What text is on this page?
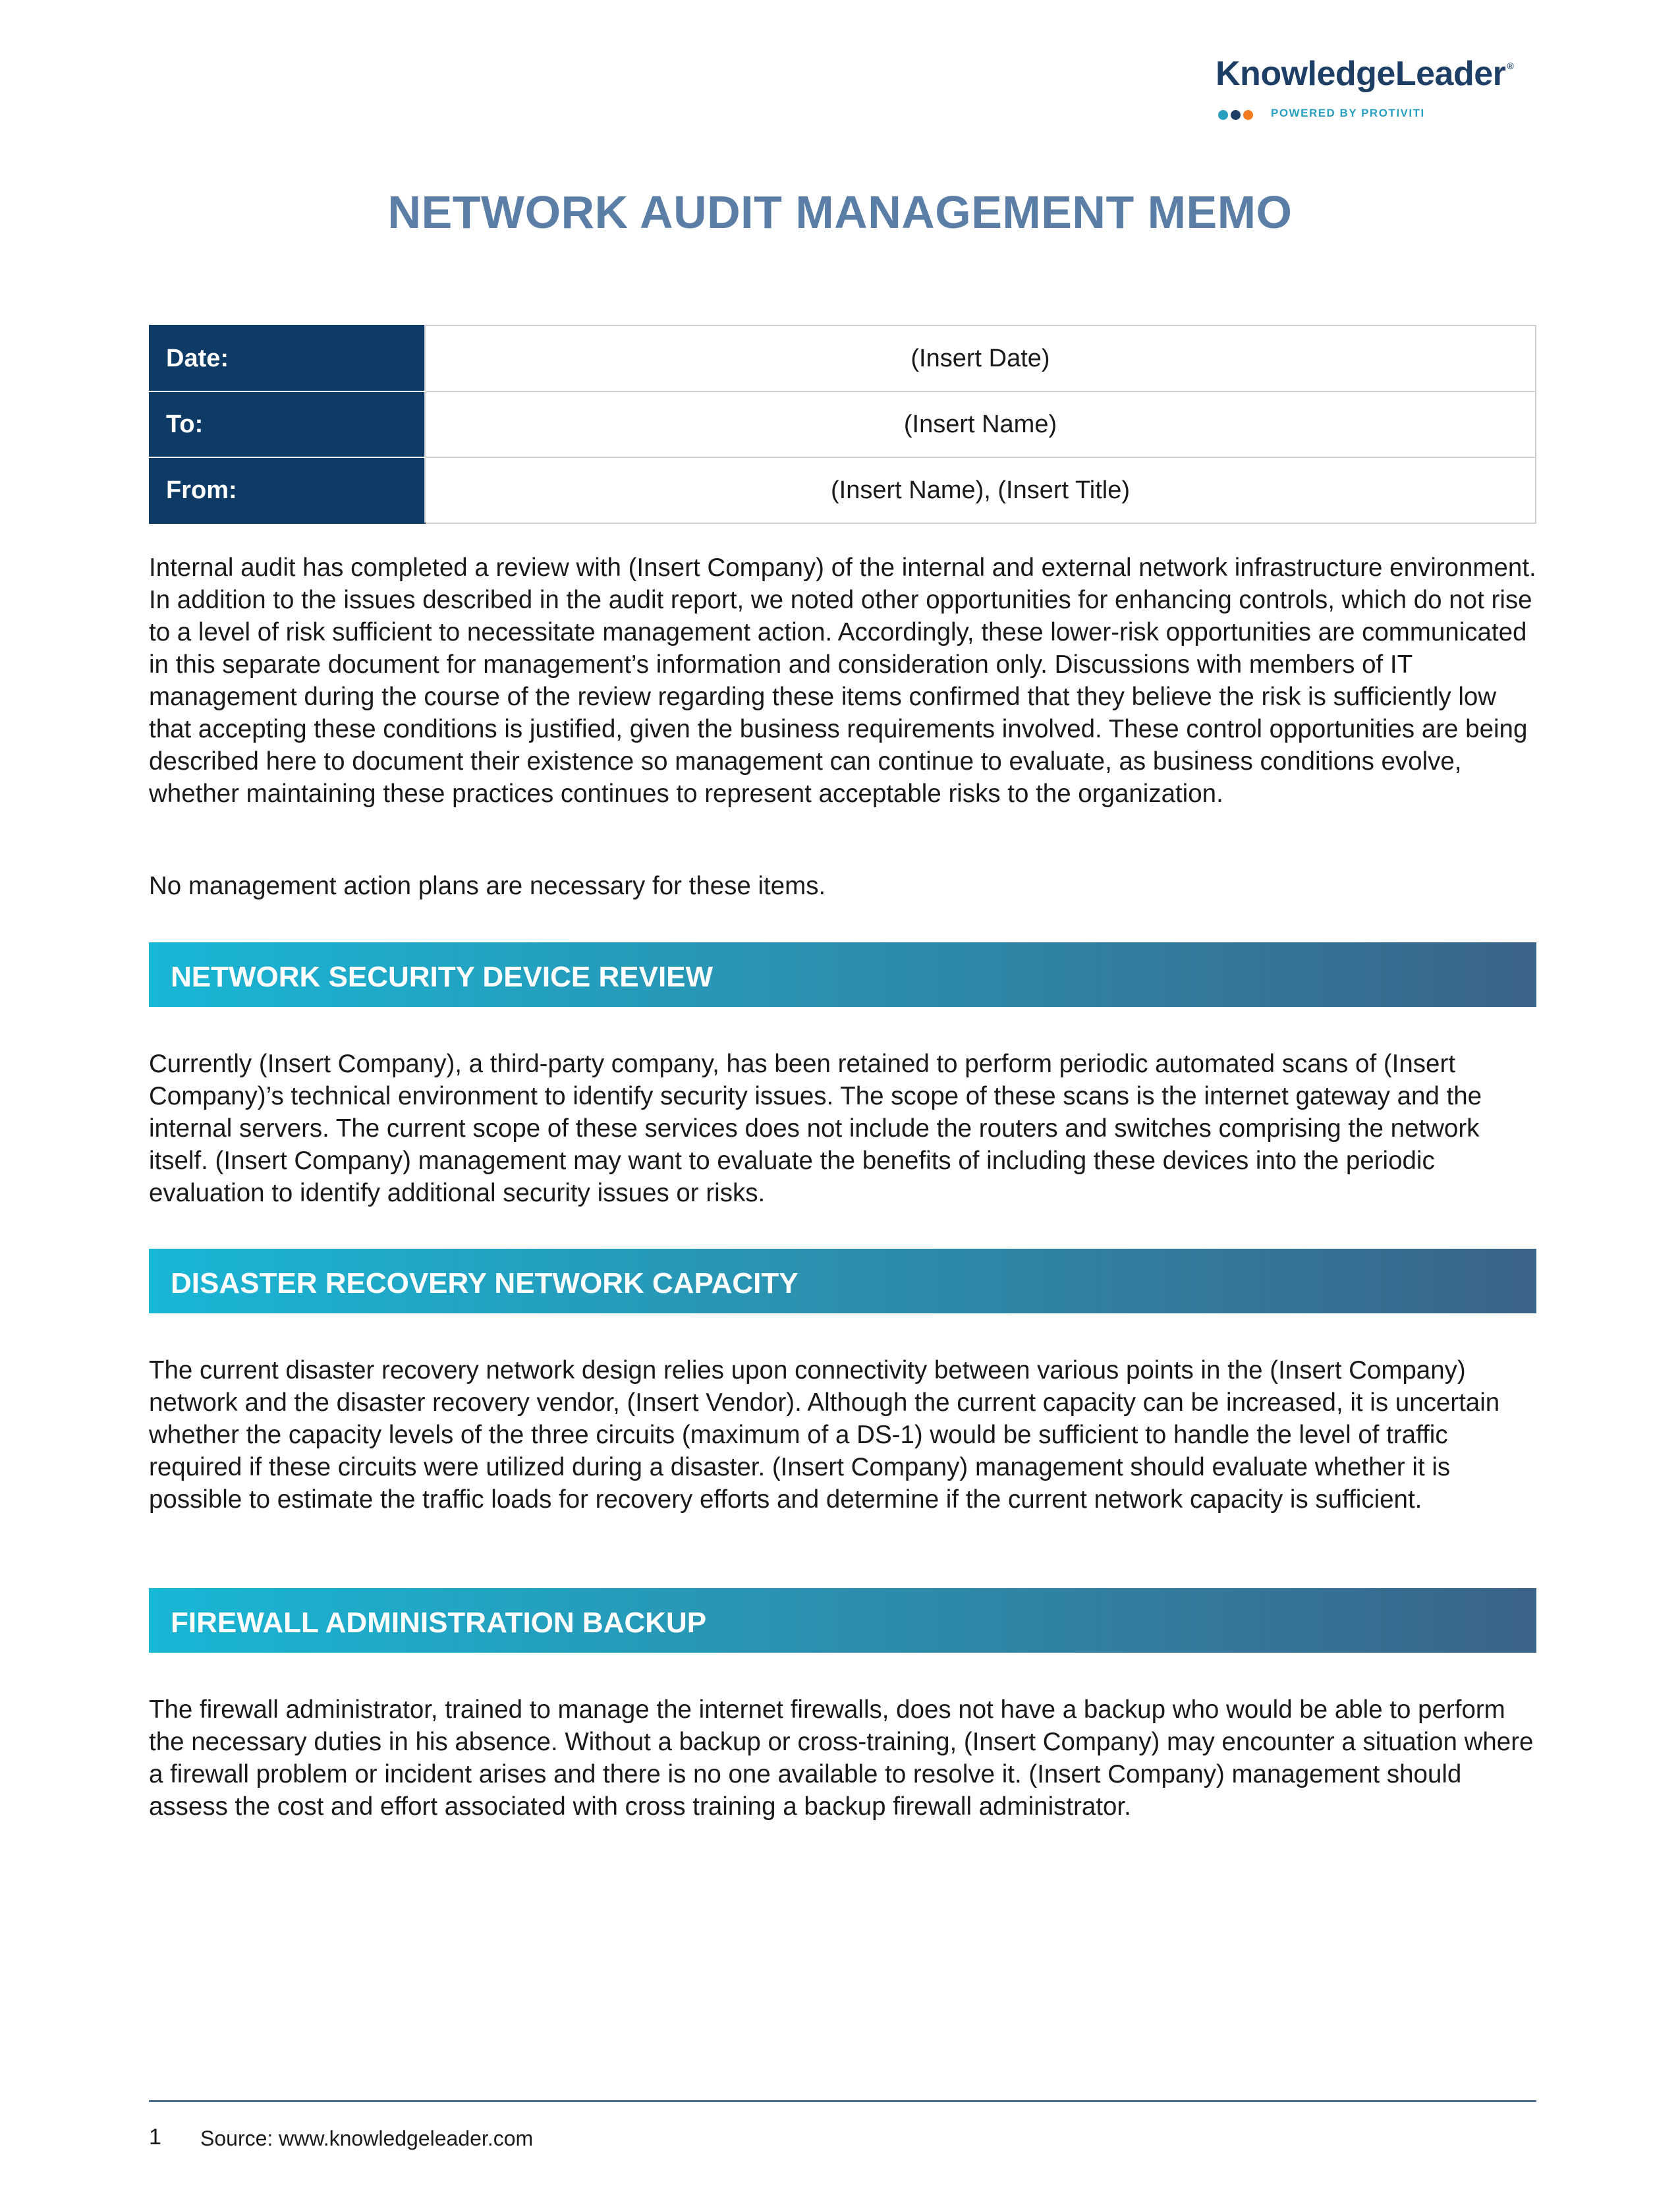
KnowledgeLeader ®
POWERED BY PROTIVITI
NETWORK AUDIT MANAGEMENT MEMO
Date:	(Insert Date)
To:	(Insert Name)
From:	(Insert Name), (Insert Title)

Internal audit has completed a review with (Insert Company) of the internal and external network infrastructure environment. In addition to the issues described in the audit report, we noted other opportunities for enhancing controls, which do not rise to a level of risk sufficient to necessitate management action. Accordingly, these lower-risk opportunities are communicated in this separate document for management’s information and consideration only. Discussions with members of IT management during the course of the review regarding these items confirmed that they believe the risk is sufficiently low that accepting these conditions is justified, given the business requirements involved. These control opportunities are being described here to document their existence so management can continue to evaluate, as business conditions evolve, whether maintaining these practices continues to represent acceptable risks to the organization.

No management action plans are necessary for these items.

NETWORK SECURITY DEVICE REVIEW

Currently (Insert Company), a third-party company, has been retained to perform periodic automated scans of (Insert Company)’s technical environment to identify security issues. The scope of these scans is the internet gateway and the internal servers. The current scope of these services does not include the routers and switches comprising the network itself. (Insert Company) management may want to evaluate the benefits of including these devices into the periodic evaluation to identify additional security issues or risks.

DISASTER RECOVERY NETWORK CAPACITY

The current disaster recovery network design relies upon connectivity between various points in the (Insert Company) network and the disaster recovery vendor, (Insert Vendor). Although the current capacity can be increased, it is uncertain whether the capacity levels of the three circuits (maximum of a DS-1) would be sufficient to handle the level of traffic required if these circuits were utilized during a disaster. (Insert Company) management should evaluate whether it is possible to estimate the traffic loads for recovery efforts and determine if the current network capacity is sufficient.

FIREWALL ADMINISTRATION BACKUP

The firewall administrator, trained to manage the internet firewalls, does not have a backup who would be able to perform the necessary duties in his absence. Without a backup or cross-training, (Insert Company) may encounter a situation where a firewall problem or incident arises and there is no one available to resolve it. (Insert Company) management should assess the cost and effort associated with cross training a backup firewall administrator.

1 Source: www.knowledgeleader.com
